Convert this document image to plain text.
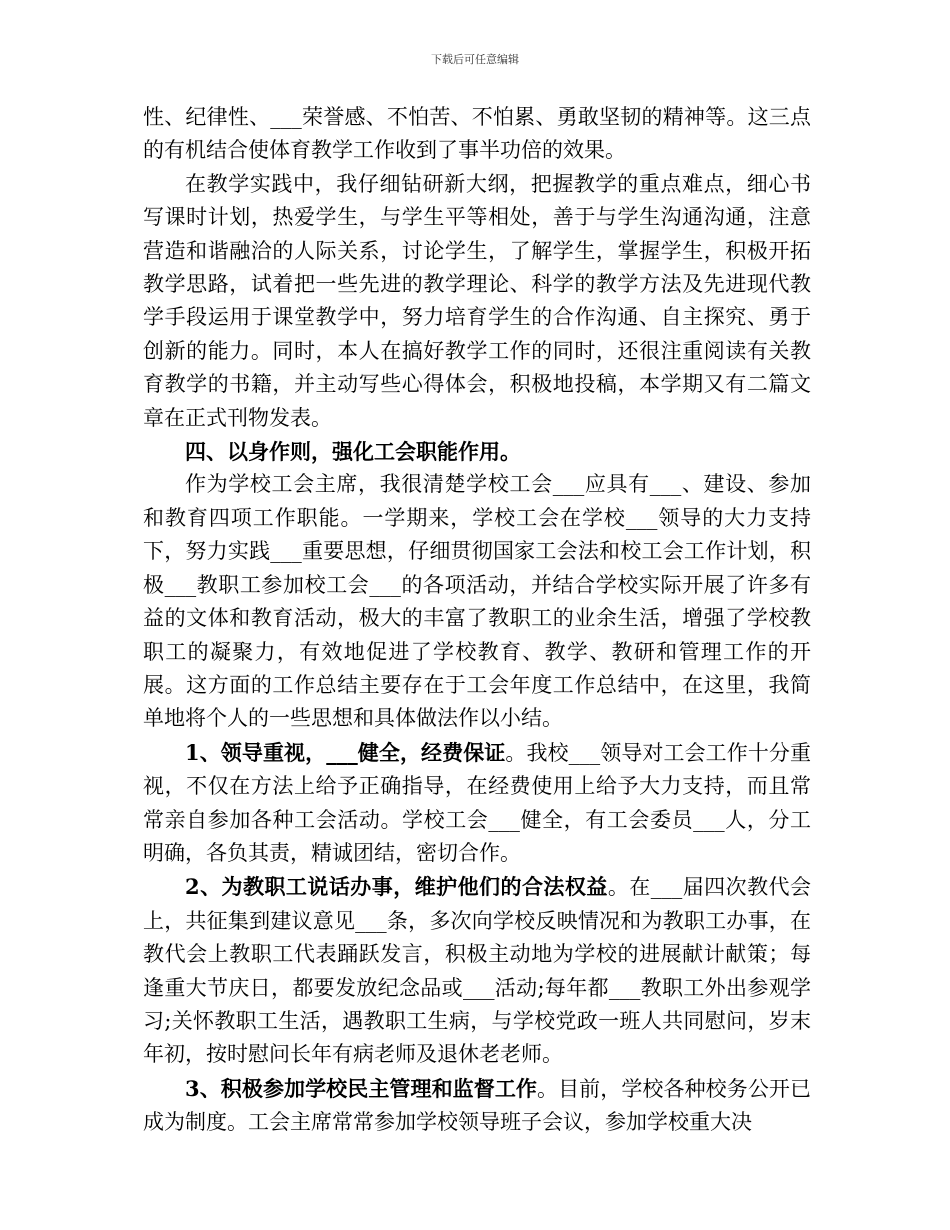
下载后可任意编辑

性、纪律性、___荣誉感、不怕苦、不怕累、勇敢坚韧的精神等。这三点的有机结合使体育教学工作收到了事半功倍的效果。

在教学实践中，我仔细钻研新大纲，把握教学的重点难点，细心书写课时计划，热爱学生，与学生平等相处，善于与学生沟通沟通，注意营造和谐融洽的人际关系，讨论学生，了解学生，掌握学生，积极开拓教学思路，试着把一些先进的教学理论、科学的教学方法及先进现代教学手段运用于课堂教学中，努力培育学生的合作沟通、自主探究、勇于创新的能力。同时，本人在搞好教学工作的同时，还很注重阅读有关教育教学的书籍，并主动写些心得体会，积极地投稿，本学期又有二篇文章在正式刊物发表。

四、以身作则，强化工会职能作用。

作为学校工会主席，我很清楚学校工会___应具有___、建设、参加和教育四项工作职能。一学期来，学校工会在学校___领导的大力支持下，努力实践___重要思想，仔细贯彻国家工会法和校工会工作计划，积极___教职工参加校工会___的各项活动，并结合学校实际开展了许多有益的文体和教育活动，极大的丰富了教职工的业余生活，增强了学校教职工的凝聚力，有效地促进了学校教育、教学、教研和管理工作的开展。这方面的工作总结主要存在于工会年度工作总结中，在这里，我简单地将个人的一些思想和具体做法作以小结。

1、领导重视，___健全，经费保证。我校___领导对工会工作十分重视，不仅在方法上给予正确指导，在经费使用上给予大力支持，而且常常亲自参加各种工会活动。学校工会___健全，有工会委员___人，分工明确，各负其责，精诚团结，密切合作。

2、为教职工说话办事，维护他们的合法权益。在___届四次教代会上，共征集到建议意见___条，多次向学校反映情况和为教职工办事，在教代会上教职工代表踊跃发言，积极主动地为学校的进展献计献策；每逢重大节庆日，都要发放纪念品或___活动;每年都___教职工外出参观学习;关怀教职工生活，遇教职工生病，与学校党政一班人共同慰问，岁末年初，按时慰问长年有病老师及退休老老师。

3、积极参加学校民主管理和监督工作。目前，学校各种校务公开已成为制度。工会主席常常参加学校领导班子会议，参加学校重大决
